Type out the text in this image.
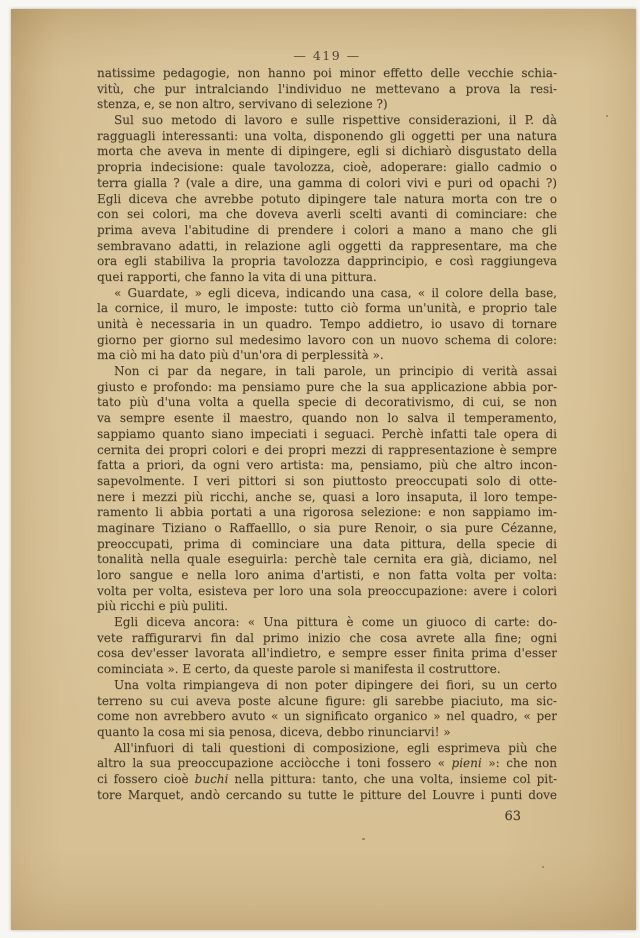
— 419 —
natissime pedagogie, non hanno poi minor effetto delle vecchie schia-
vitù, che pur intralciando l'individuo ne mettevano a prova la resi-
stenza, e, se non altro, servivano di selezione ?)
Sul suo metodo di lavoro e sulle rispettive considerazioni, il P. dà
ragguagli interessanti: una volta, disponendo gli oggetti per una natura
morta che aveva in mente di dipingere, egli si dichiarò disgustato della
propria indecisione: quale tavolozza, cioè, adoperare: giallo cadmio o
terra gialla ? (vale a dire, una gamma di colori vivi e puri od opachi ?)
Egli diceva che avrebbe potuto dipingere tale natura morta con tre o
con sei colori, ma che doveva averli scelti avanti di cominciare: che
prima aveva l'abitudine di prendere i colori a mano a mano che gli
sembravano adatti, in relazione agli oggetti da rappresentare, ma che
ora egli stabiliva la propria tavolozza dapprincipio, e così raggiungeva
quei rapporti, che fanno la vita di una pittura.
« Guardate, » egli diceva, indicando una casa, « il colore della base,
la cornice, il muro, le imposte: tutto ciò forma un'unità, e proprio tale
unità è necessaria in un quadro. Tempo addietro, io usavo di tornare
giorno per giorno sul medesimo lavoro con un nuovo schema di colore:
ma ciò mi ha dato più d'un'ora di perplessità ».
Non ci par da negare, in tali parole, un principio di verità assai
giusto e profondo: ma pensiamo pure che la sua applicazione abbia por-
tato più d'una volta a quella specie di decorativismo, di cui, se non
va sempre esente il maestro, quando non lo salva il temperamento,
sappiamo quanto siano impeciati i seguaci. Perchè infatti tale opera di
cernita dei propri colori e dei propri mezzi di rappresentazione è sempre
fatta a priori, da ogni vero artista: ma, pensiamo, più che altro incon-
sapevolmente. I veri pittori si son piuttosto preoccupati solo di otte-
nere i mezzi più ricchi, anche se, quasi a loro insaputa, il loro tempe-
ramento li abbia portati a una rigorosa selezione: e non sappiamo im-
maginare Tiziano o Raffaelllo, o sia pure Renoir, o sia pure Cézanne,
preoccupati, prima di cominciare una data pittura, della specie di
tonalità nella quale eseguirla: perchè tale cernita era già, diciamo, nel
loro sangue e nella loro anima d'artisti, e non fatta volta per volta:
volta per volta, esisteva per loro una sola preoccupazione: avere i colori
più ricchi e più puliti.
Egli diceva ancora: « Una pittura è come un giuoco di carte: do-
vete raffigurarvi fin dal primo inizio che cosa avrete alla fine; ogni
cosa dev'esser lavorata all'indietro, e sempre esser finita prima d'esser
cominciata ». E certo, da queste parole si manifesta il costruttore.
Una volta rimpiangeva di non poter dipingere dei fiori, su un certo
terreno su cui aveva poste alcune figure: gli sarebbe piaciuto, ma sic-
come non avrebbero avuto « un significato organico » nel quadro, « per
quanto la cosa mi sia penosa, diceva, debbo rinunciarvi! »
All'infuori di tali questioni di composizione, egli esprimeva più che
altro la sua preoccupazione acciòcche i toni fossero « pieni »: che non
ci fossero cioè buchi nella pittura: tanto, che una volta, insieme col pit-
tore Marquet, andò cercando su tutte le pitture del Louvre i punti dove
63
